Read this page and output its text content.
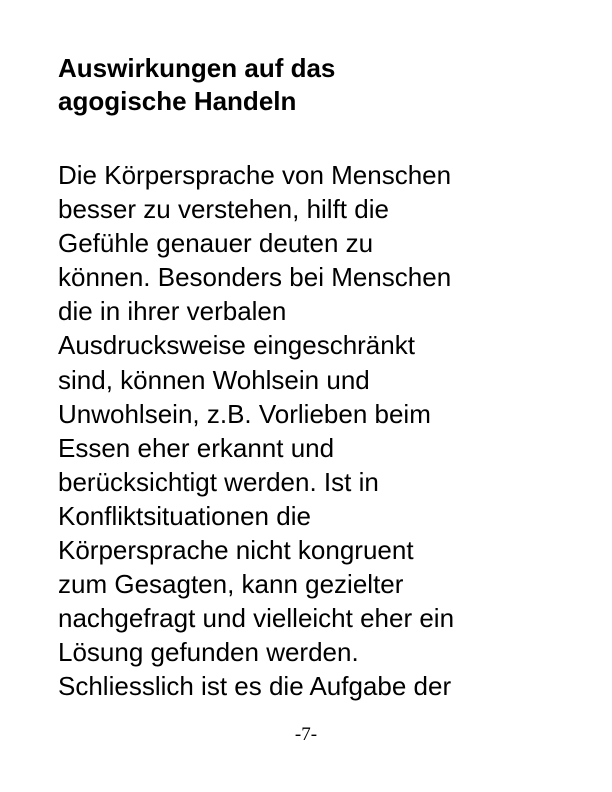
Auswirkungen auf das
agogische Handeln
Die Körpersprache von Menschen
besser zu verstehen, hilft die
Gefühle genauer deuten zu
können. Besonders bei Menschen
die in ihrer verbalen
Ausdrucksweise eingeschränkt
sind, können Wohlsein und
Unwohlsein, z.B. Vorlieben beim
Essen eher erkannt und
berücksichtigt werden. Ist in
Konfliktsituationen die
Körpersprache nicht kongruent
zum Gesagten, kann gezielter
nachgefragt und vielleicht eher ein
Lösung gefunden werden.
Schliesslich ist es die Aufgabe der
-7-
